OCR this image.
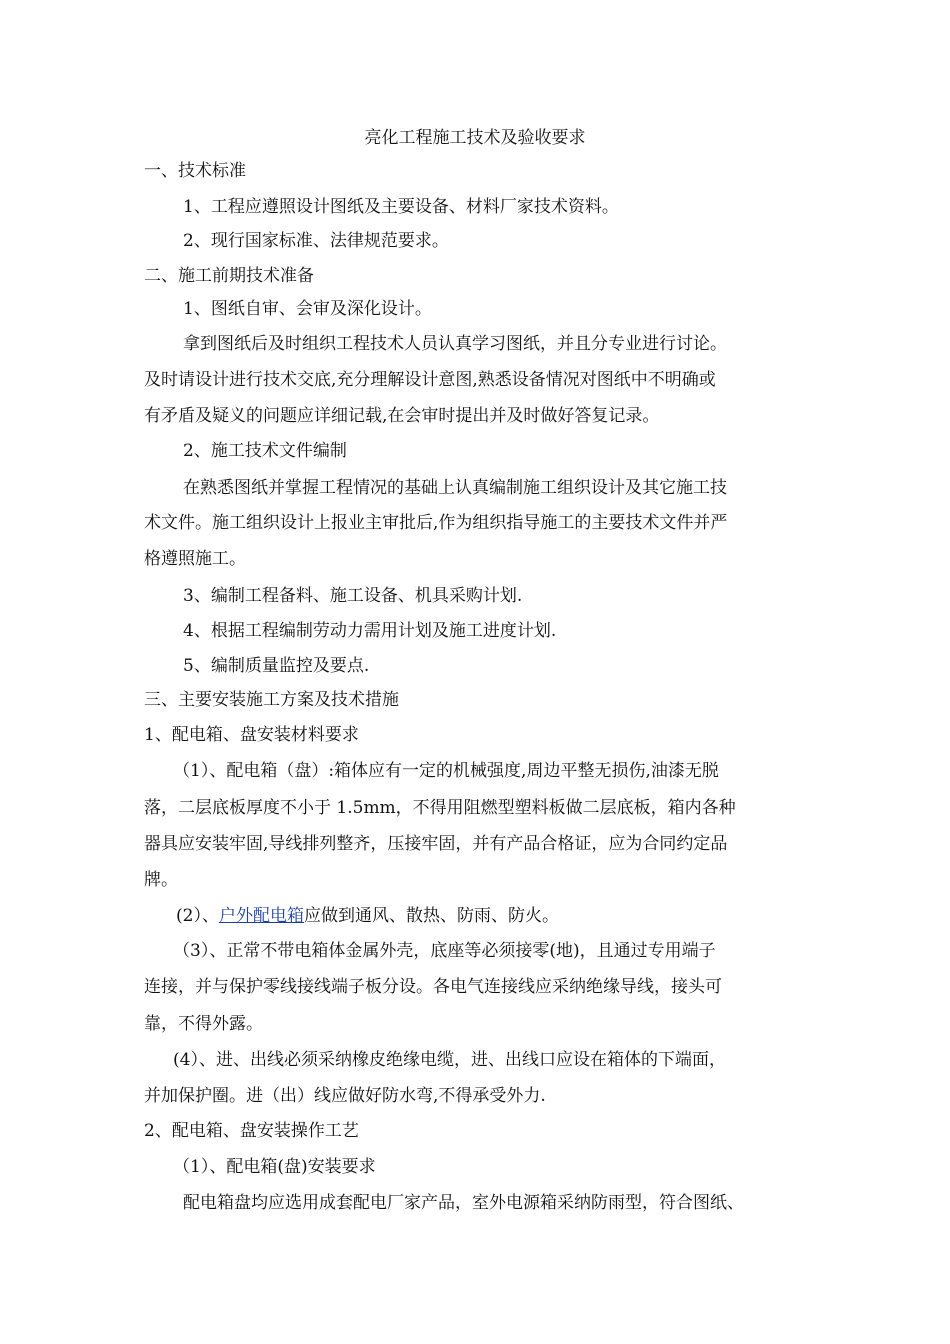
亮化工程施工技术及验收要求
一、技术标准
1、工程应遵照设计图纸及主要设备、材料厂家技术资料。
2、现行国家标准、法律规范要求。
二、施工前期技术准备
1、图纸自审、会审及深化设计。
拿到图纸后及时组织工程技术人员认真学习图纸，并且分专业进行讨论。
及时请设计进行技术交底,充分理解设计意图,熟悉设备情况对图纸中不明确或
有矛盾及疑义的问题应详细记载,在会审时提出并及时做好答复记录。
2、施工技术文件编制
在熟悉图纸并掌握工程情况的基础上认真编制施工组织设计及其它施工技
术文件。施工组织设计上报业主审批后,作为组织指导施工的主要技术文件并严
格遵照施工。
3、编制工程备料、施工设备、机具采购计划.
4、根据工程编制劳动力需用计划及施工进度计划.
5、编制质量监控及要点.
三、主要安装施工方案及技术措施
1、配电箱、盘安装材料要求
（1）、配电箱（盘）:箱体应有一定的机械强度,周边平整无损伤,油漆无脱
落，二层底板厚度不小于 1.5mm，不得用阻燃型塑料板做二层底板，箱内各种
器具应安装牢固,导线排列整齐，压接牢固，并有产品合格证，应为合同约定品
牌。
(2）、户外配电箱应做到通风、散热、防雨、防火。
（3）、正常不带电箱体金属外壳，底座等必须接零(地)，且通过专用端子
连接，并与保护零线接线端子板分设。各电气连接线应采纳绝缘导线，接头可
靠，不得外露。
(4）、进、出线必须采纳橡皮绝缘电缆，进、出线口应设在箱体的下端面，
并加保护圈。进（出）线应做好防水弯,不得承受外力.
2、配电箱、盘安装操作工艺
（1）、配电箱(盘)安装要求
配电箱盘均应选用成套配电厂家产品，室外电源箱采纳防雨型，符合图纸、
